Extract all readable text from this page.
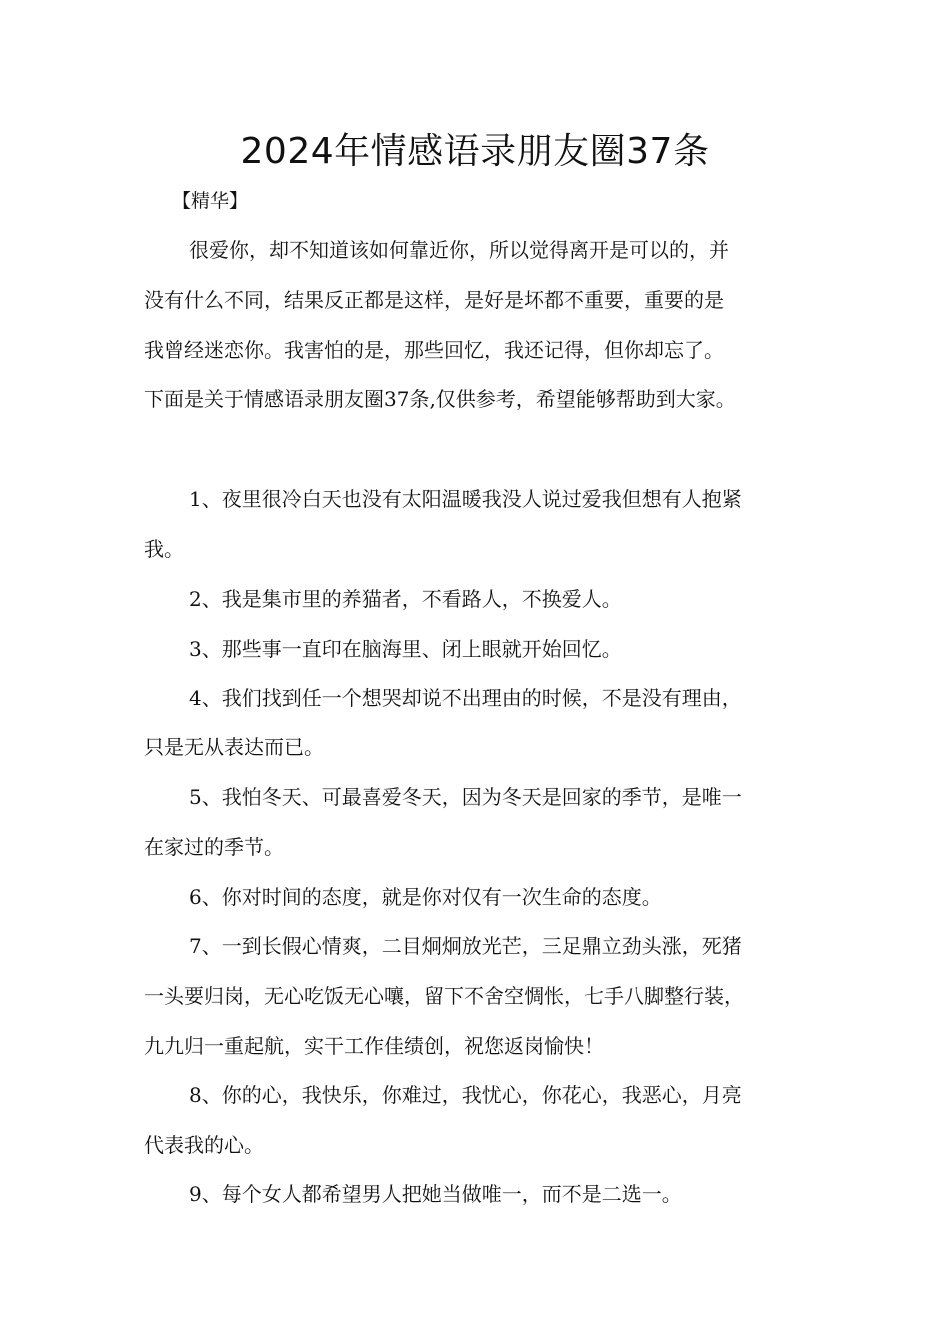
2024年情感语录朋友圈37条
【精华】
很爱你，却不知道该如何靠近你，所以觉得离开是可以的，并
没有什么不同，结果反正都是这样，是好是坏都不重要，重要的是
我曾经迷恋你。我害怕的是，那些回忆，我还记得，但你却忘了。
下面是关于情感语录朋友圈37条,仅供参考，希望能够帮助到大家。
1、夜里很冷白天也没有太阳温暖我没人说过爱我但想有人抱紧
我。
2、我是集市里的养猫者，不看路人，不换爱人。
3、那些事一直印在脑海里、闭上眼就开始回忆。
4、我们找到任一个想哭却说不出理由的时候，不是没有理由，
只是无从表达而已。
5、我怕冬天、可最喜爱冬天，因为冬天是回家的季节，是唯一
在家过的季节。
6、你对时间的态度，就是你对仅有一次生命的态度。
7、一到长假心情爽，二目炯炯放光芒，三足鼎立劲头涨，死猪
一头要归岗，无心吃饭无心嚷，留下不舍空惆怅，七手八脚整行装，
九九归一重起航，实干工作佳绩创，祝您返岗愉快！
8、你的心，我快乐，你难过，我忧心，你花心，我恶心，月亮
代表我的心。
9、每个女人都希望男人把她当做唯一，而不是二选一。
